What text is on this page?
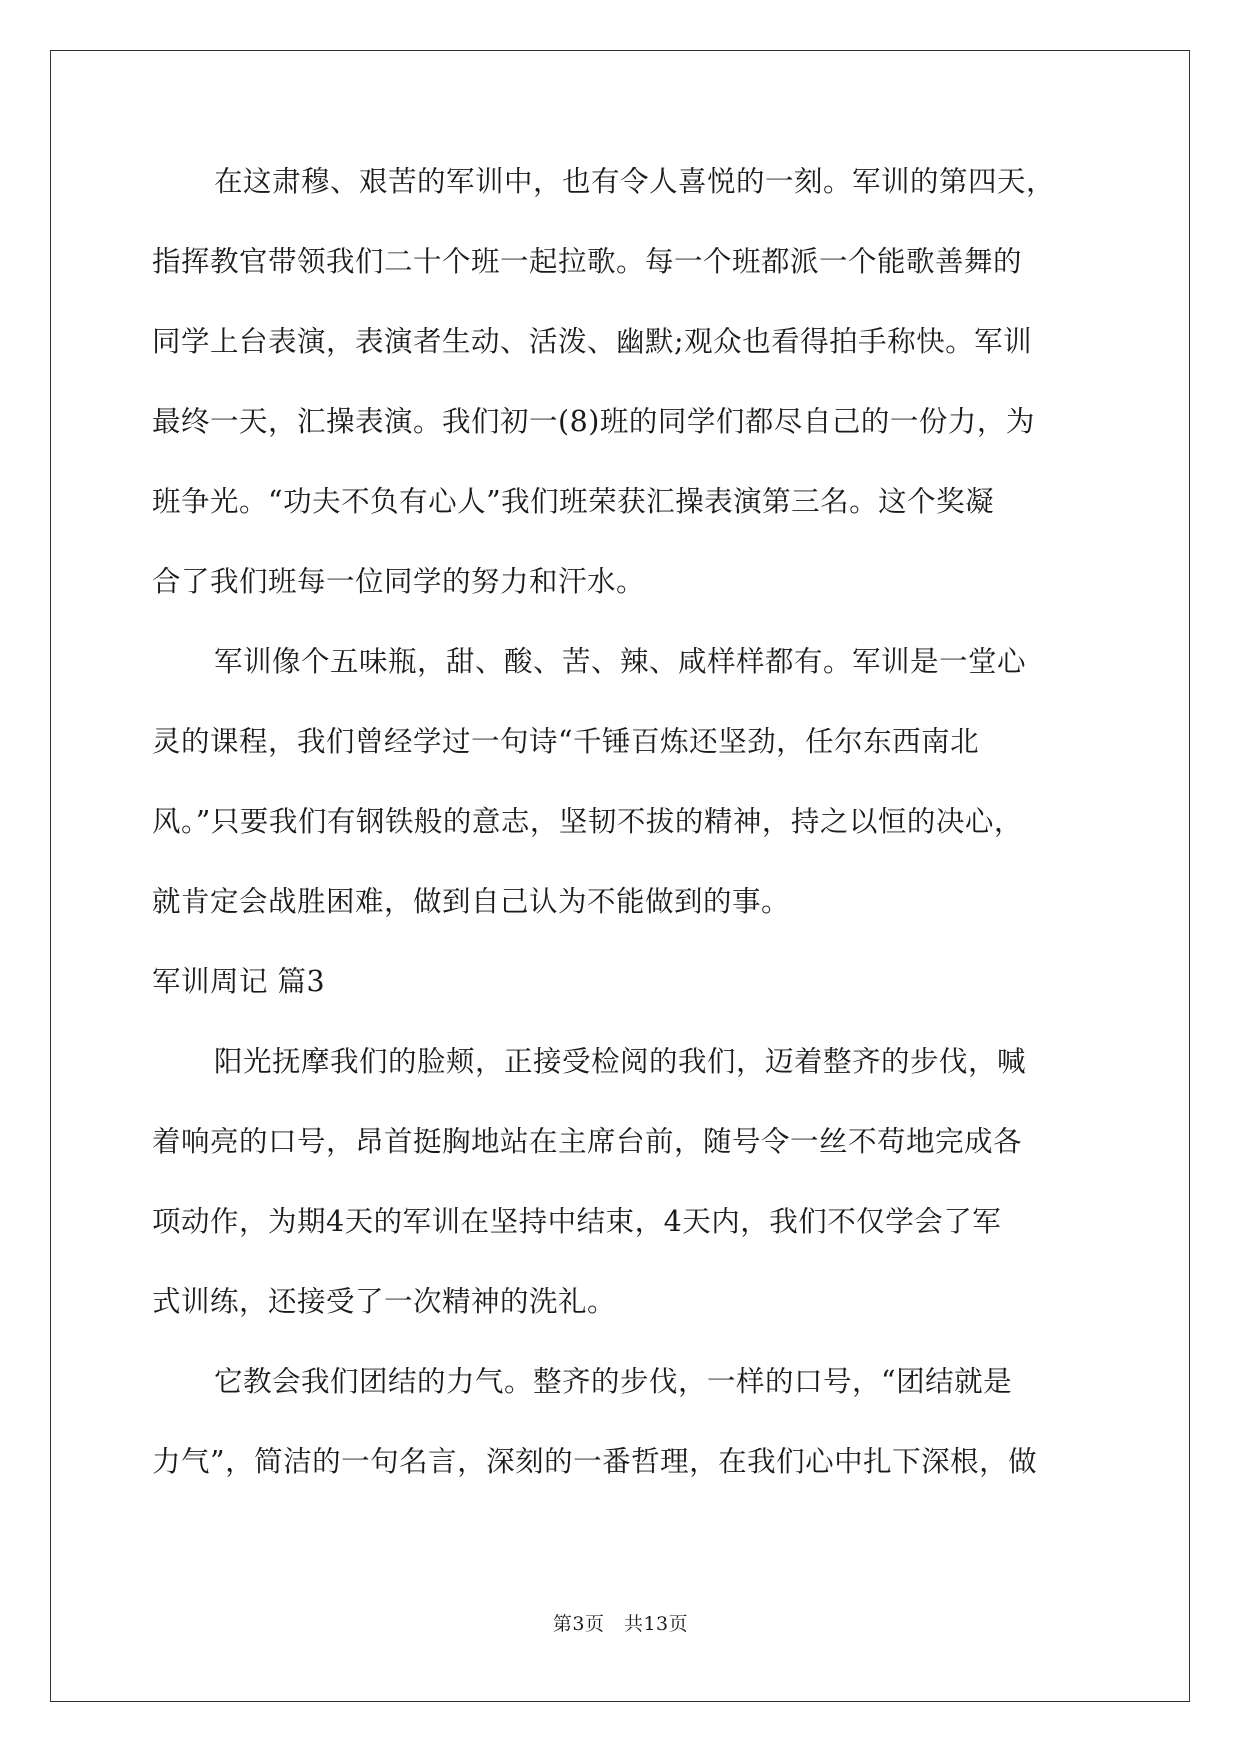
在这肃穆、艰苦的军训中，也有令人喜悦的一刻。军训的第四天，
指挥教官带领我们二十个班一起拉歌。每一个班都派一个能歌善舞的
同学上台表演，表演者生动、活泼、幽默;观众也看得拍手称快。军训
最终一天，汇操表演。我们初一(8)班的同学们都尽自己的一份力，为
班争光。“功夫不负有心人”我们班荣获汇操表演第三名。这个奖凝
合了我们班每一位同学的努力和汗水。
军训像个五味瓶，甜、酸、苦、辣、咸样样都有。军训是一堂心
灵的课程，我们曾经学过一句诗“千锤百炼还坚劲，任尔东西南北
风。”只要我们有钢铁般的意志，坚韧不拔的精神，持之以恒的决心，
就肯定会战胜困难，做到自己认为不能做到的事。
军训周记 篇3
阳光抚摩我们的脸颊，正接受检阅的我们，迈着整齐的步伐，喊
着响亮的口号，昂首挺胸地站在主席台前，随号令一丝不苟地完成各
项动作，为期4天的军训在坚持中结束，4天内，我们不仅学会了军
式训练，还接受了一次精神的洗礼。
它教会我们团结的力气。整齐的步伐，一样的口号，“团结就是
力气”，简洁的一句名言，深刻的一番哲理，在我们心中扎下深根，做
第3页　共13页
